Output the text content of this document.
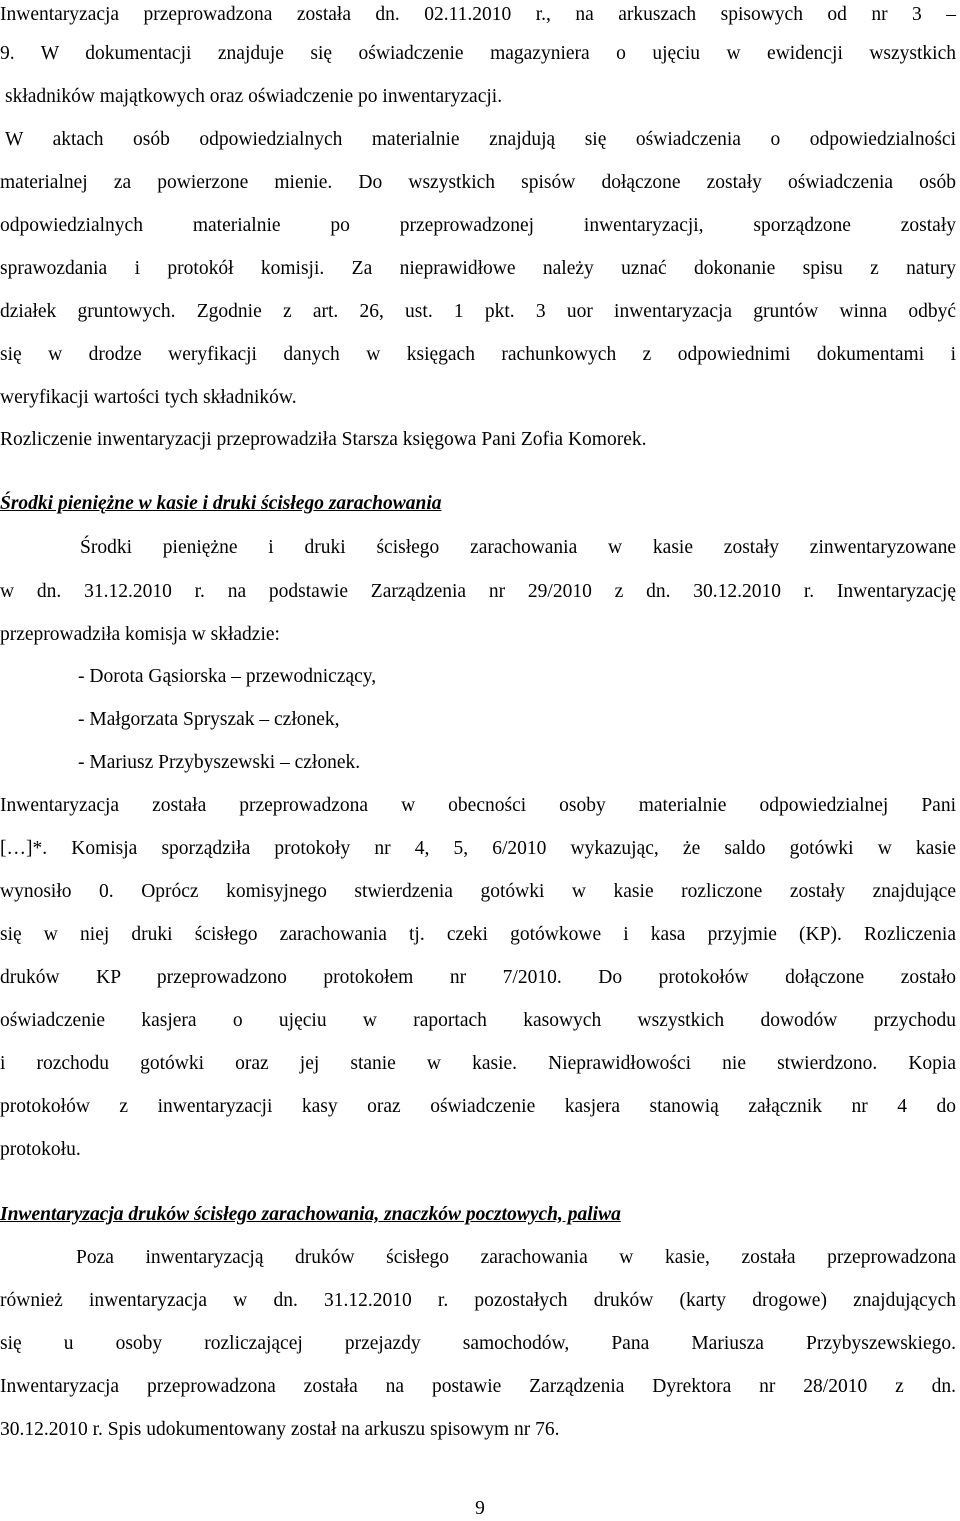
Inwentaryzacja przeprowadzona została dn. 02.11.2010 r., na arkuszach spisowych od nr 3 –
9. W dokumentacji znajduje się oświadczenie magazyniera o ujęciu w ewidencji wszystkich
składników majątkowych oraz oświadczenie po inwentaryzacji.
W aktach osób odpowiedzialnych materialnie znajdują się oświadczenia o odpowiedzialności
materialnej za powierzone mienie. Do wszystkich spisów dołączone zostały oświadczenia osób
odpowiedzialnych materialnie po przeprowadzonej inwentaryzacji, sporządzone zostały
sprawozdania i protokół komisji. Za nieprawidłowe należy uznać dokonanie spisu z natury
działek gruntowych. Zgodnie z art. 26, ust. 1 pkt. 3 uor inwentaryzacja gruntów winna odbyć
się w drodze weryfikacji danych w księgach rachunkowych z odpowiednimi dokumentami i
weryfikacji wartości tych składników.
Rozliczenie inwentaryzacji przeprowadziła Starsza księgowa Pani Zofia Komorek.
Środki pieniężne w kasie i druki ścisłego zarachowania
Środki pieniężne i druki ścisłego zarachowania w kasie zostały zinwentaryzowane
w dn. 31.12.2010 r. na podstawie Zarządzenia nr 29/2010 z dn. 30.12.2010 r. Inwentaryzację
przeprowadziła komisja w składzie:
- Dorota Gąsiorska – przewodniczący,
- Małgorzata Spryszak – członek,
- Mariusz Przybyszewski – członek.
Inwentaryzacja została przeprowadzona w obecności osoby materialnie odpowiedzialnej Pani
[…]*. Komisja sporządziła protokoły nr 4, 5, 6/2010 wykazując, że saldo gotówki w kasie
wynosiło 0. Oprócz komisyjnego stwierdzenia gotówki w kasie rozliczone zostały znajdujące
się w niej druki ścisłego zarachowania tj. czeki gotówkowe i kasa przyjmie (KP). Rozliczenia
druków KP przeprowadzono protokołem nr 7/2010. Do protokołów dołączone zostało
oświadczenie kasjera o ujęciu w raportach kasowych wszystkich dowodów przychodu
i rozchodu gotówki oraz jej stanie w kasie. Nieprawidłowości nie stwierdzono. Kopia
protokołów z inwentaryzacji kasy oraz oświadczenie kasjera stanowią załącznik nr 4 do
protokołu.
Inwentaryzacja druków ścisłego zarachowania, znaczków pocztowych, paliwa
Poza inwentaryzacją druków ścisłego zarachowania w kasie, została przeprowadzona
również inwentaryzacja w dn. 31.12.2010 r. pozostałych druków (karty drogowe) znajdujących
się u osoby rozliczającej przejazdy samochodów, Pana Mariusza Przybyszewskiego.
Inwentaryzacja przeprowadzona została na postawie Zarządzenia Dyrektora nr 28/2010 z dn.
30.12.2010 r. Spis udokumentowany został na arkuszu spisowym nr 76.
9
